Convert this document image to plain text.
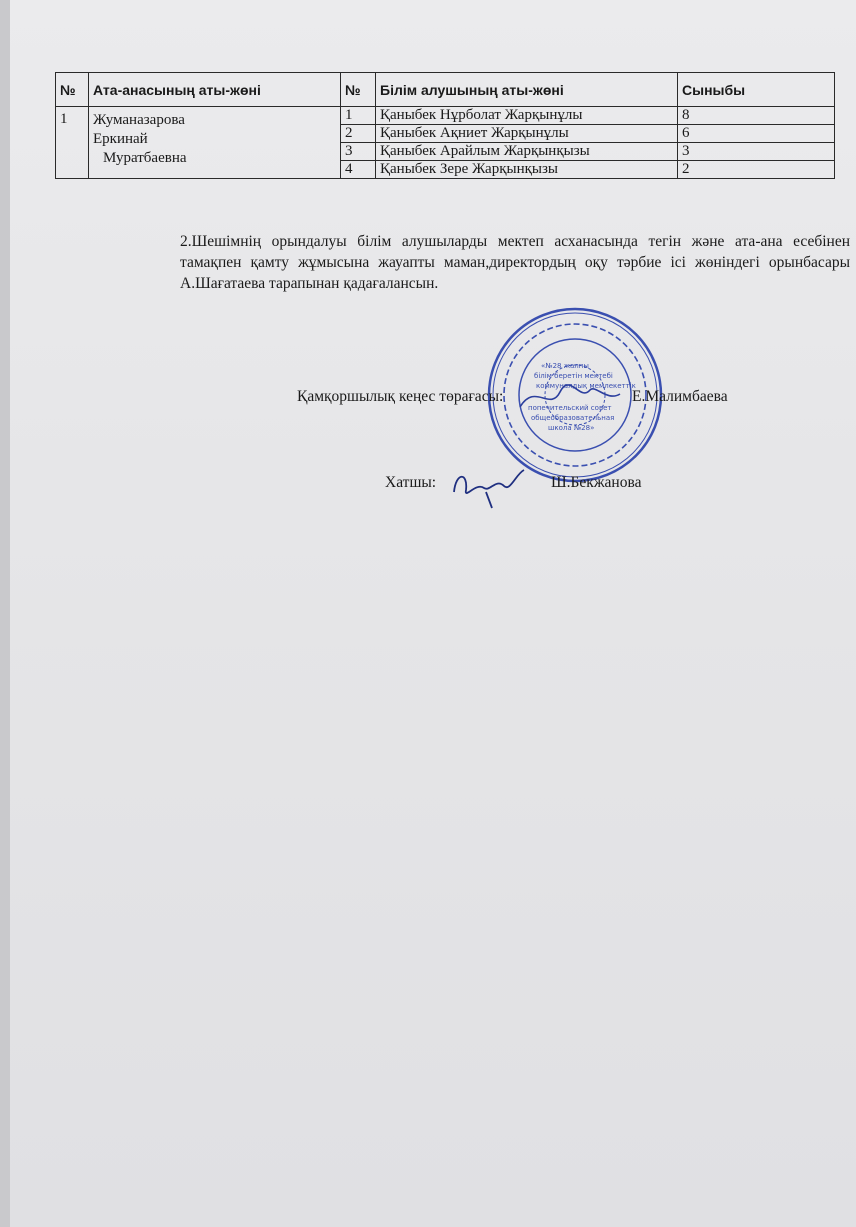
№	Ата-анасының аты-жөні	№	Білім алушының аты-жөні	Сыныбы
1	Жуманазарова
Еркинай
Муратбаевна	1	Қаныбек Нұрболат Жарқынұлы	8
		2	Қаныбек Ақниет Жарқынұлы	6
		3	Қаныбек Арайлым Жарқынқызы	3
		4	Қаныбек Зере Жарқынқызы	2
2.Шешімнің орындалуы білім алушыларды мектеп асханасында тегін және ата-ана есебінен тамақпен қамту жұмысына жауапты маман,директордың оқу тәрбие ісі жөніндегі орынбасары А.Шағатаева тарапынан қадағалансын.
«№28 жалпы
білім беретін мектебі
коммуналдық мемлекеттік
попечительский совет
общеобразовательная
школа №28»
Қамқоршылық кеңес төрағасы:	Е.Малимбаева
Хатшы:	Ш.Бекжанова
